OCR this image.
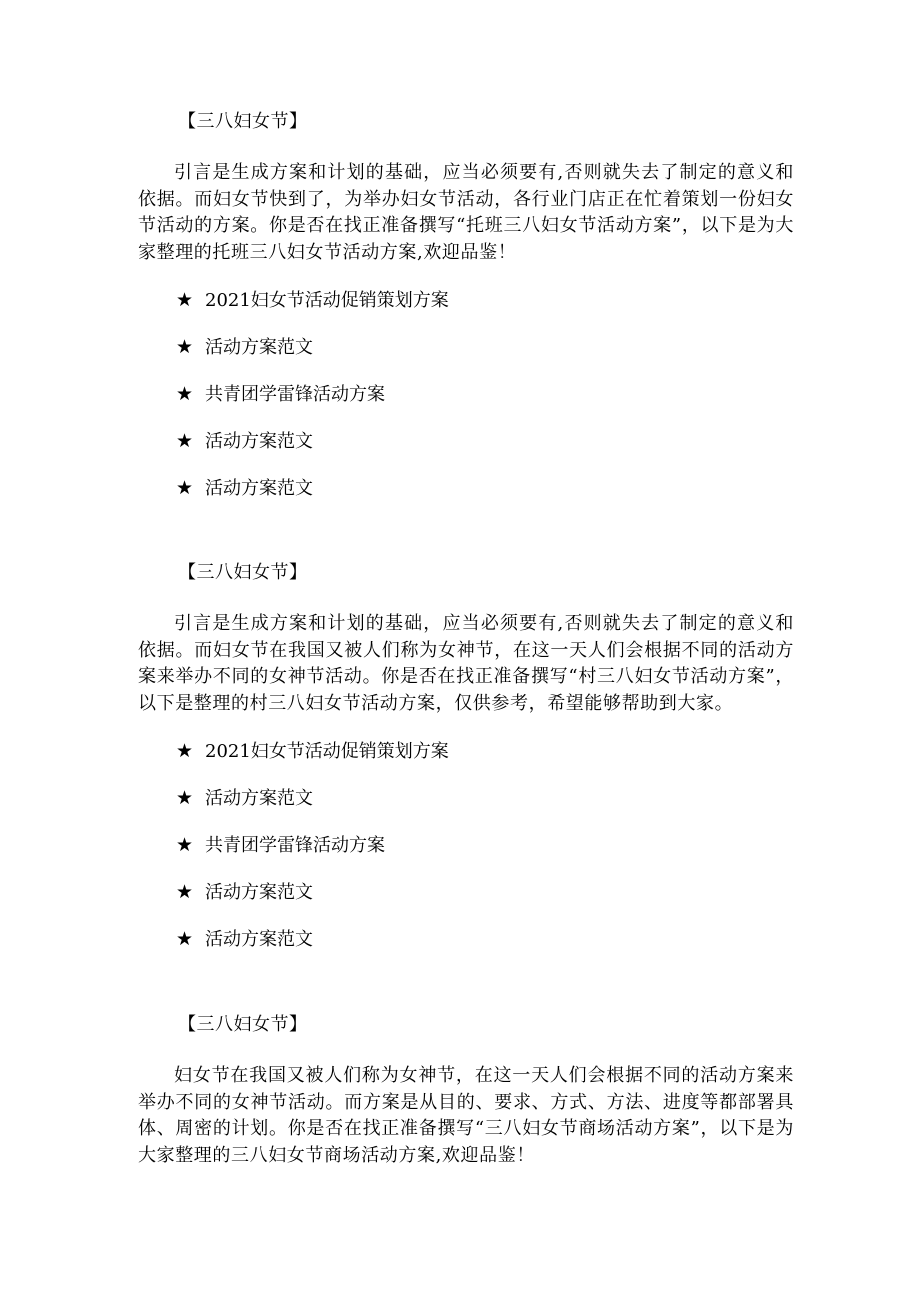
【三八妇女节】
引言是生成方案和计划的基础，应当必须要有,否则就失去了制定的意义和依据。而妇女节快到了，为举办妇女节活动，各行业门店正在忙着策划一份妇女节活动的方案。你是否在找正准备撰写“托班三八妇女节活动方案”，以下是为大家整理的托班三八妇女节活动方案,欢迎品鉴！
★ 2021妇女节活动促销策划方案
★ 活动方案范文
★ 共青团学雷锋活动方案
★ 活动方案范文
★ 活动方案范文
【三八妇女节】
引言是生成方案和计划的基础，应当必须要有,否则就失去了制定的意义和依据。而妇女节在我国又被人们称为女神节，在这一天人们会根据不同的活动方案来举办不同的女神节活动。你是否在找正准备撰写“村三八妇女节活动方案”，以下是整理的村三八妇女节活动方案，仅供参考，希望能够帮助到大家。
★ 2021妇女节活动促销策划方案
★ 活动方案范文
★ 共青团学雷锋活动方案
★ 活动方案范文
★ 活动方案范文
【三八妇女节】
妇女节在我国又被人们称为女神节，在这一天人们会根据不同的活动方案来举办不同的女神节活动。而方案是从目的、要求、方式、方法、进度等都部署具体、周密的计划。你是否在找正准备撰写“三八妇女节商场活动方案”，以下是为大家整理的三八妇女节商场活动方案,欢迎品鉴！
